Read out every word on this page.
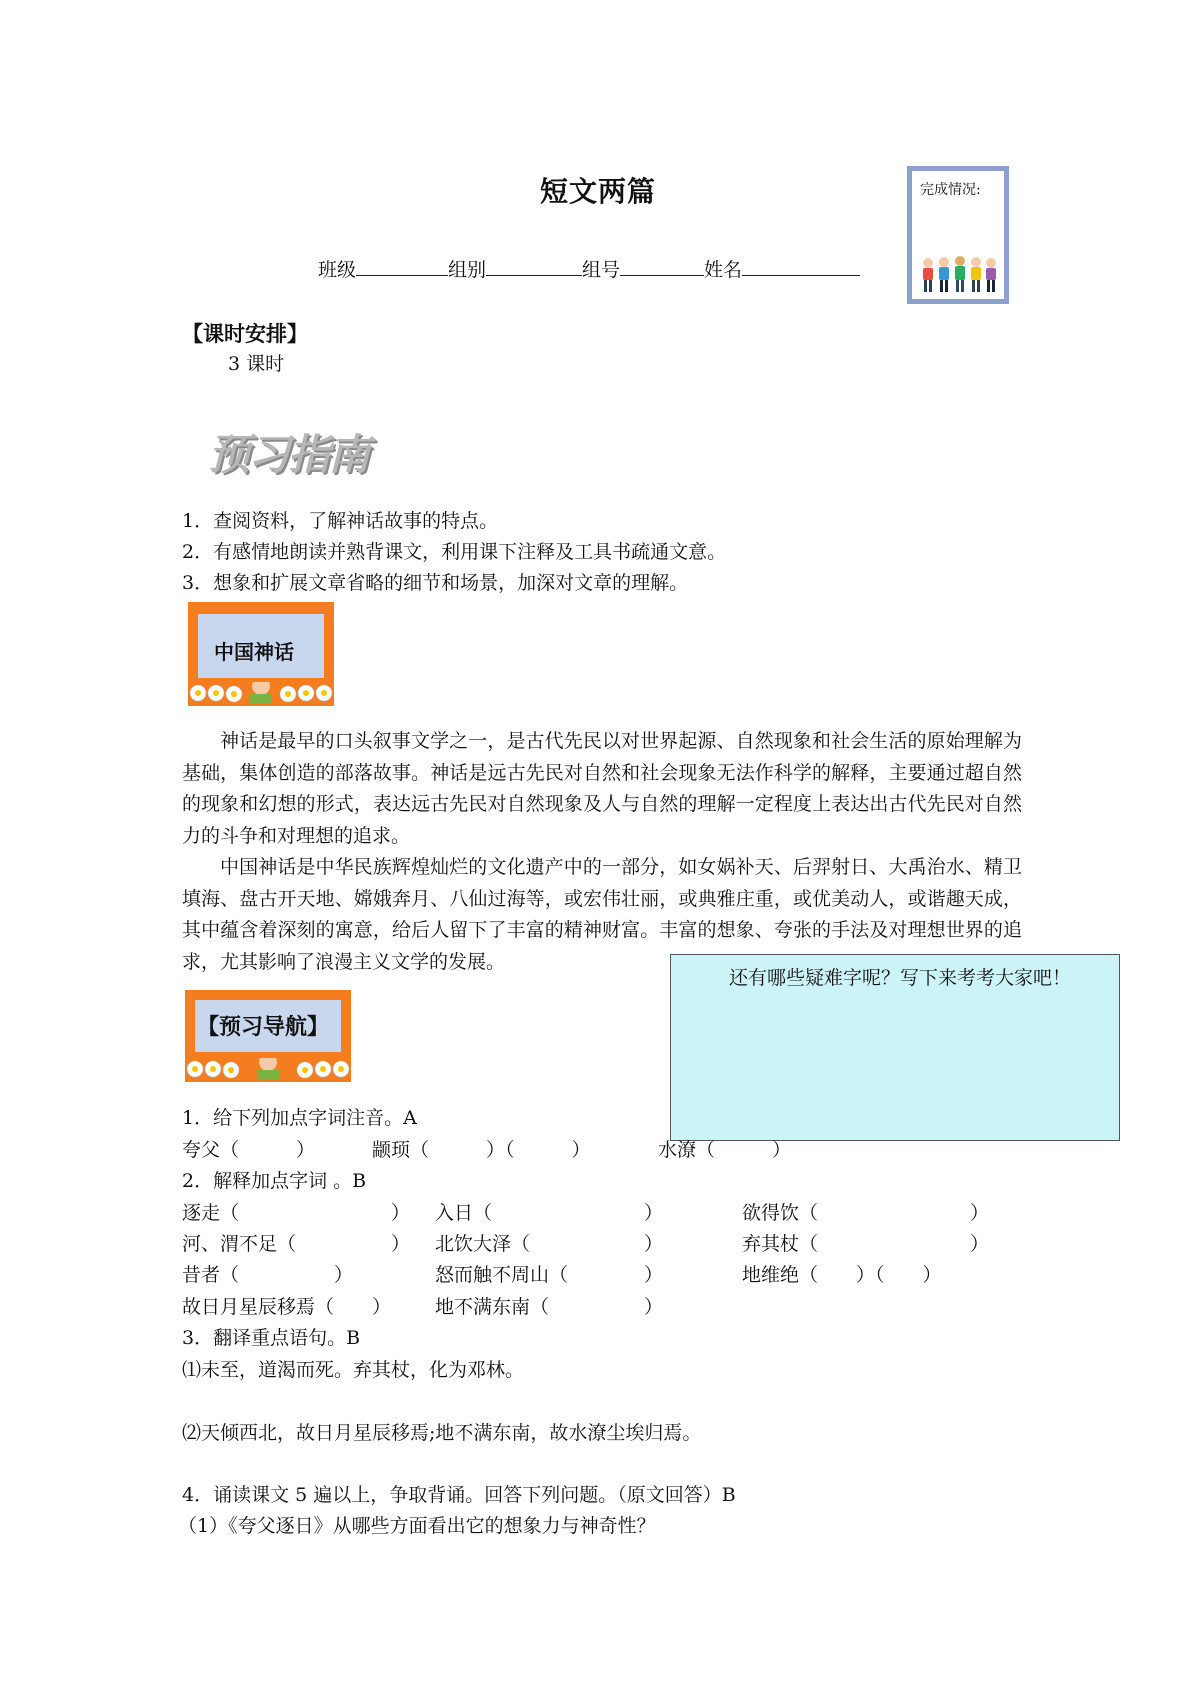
短文两篇
班级	组别	组号	姓名
完成情况:
【课时安排】
3 课时
预习指南
1．查阅资料，了解神话故事的特点。
2．有感情地朗读并熟背课文，利用课下注释及工具书疏通文意。
3．想象和扩展文章省略的细节和场景，加深对文章的理解。
中国神话

神话是最早的口头叙事文学之一，是古代先民以对世界起源、自然现象和社会生活的原始理解为基础，集体创造的部落故事。神话是远古先民对自然和社会现象无法作科学的解释，主要通过超自然的现象和幻想的形式，表达远古先民对自然现象及人与自然的理解一定程度上表达出古代先民对自然力的斗争和对理想的追求。

中国神话是中华民族辉煌灿烂的文化遗产中的一部分，如女娲补天、后羿射日、大禹治水、精卫填海、盘古开天地、嫦娥奔月、八仙过海等，或宏伟壮丽，或典雅庄重，或优美动人，或谐趣天成，其中蕴含着深刻的寓意，给后人留下了丰富的精神财富。丰富的想象、夸张的手法及对理想世界的追求，尤其影响了浪漫主义文学的发展。

还有哪些疑难字呢？写下来考考大家吧！
【预习导航】
1．给下列加点字词注音。A
夸父（　　　）	颛顼（　　　）（　　　）	水潦（　　　）
2．解释加点字词 。B
逐走（　　　　　　　　） 入日（　　　　　　　　）	欲得饮（　　　　　　　　）
河、渭不足（　　　　　） 北饮大泽（　　　　　　）	弃其杖（　　　　　　　　）
昔者（　　　　　）	怒而触不周山（　　　　）	地维绝（　　）（　　）
故日月星辰移焉（　　） 地不满东南（　　　　　）
3．翻译重点语句。B
⑴未至，道渴而死。弃其杖，化为邓林。
⑵天倾西北，故日月星辰移焉;地不满东南，故水潦尘埃归焉。
4．诵读课文 5 遍以上，争取背诵。回答下列问题。（原文回答）B
（1）《夸父逐日》从哪些方面看出它的想象力与神奇性？
